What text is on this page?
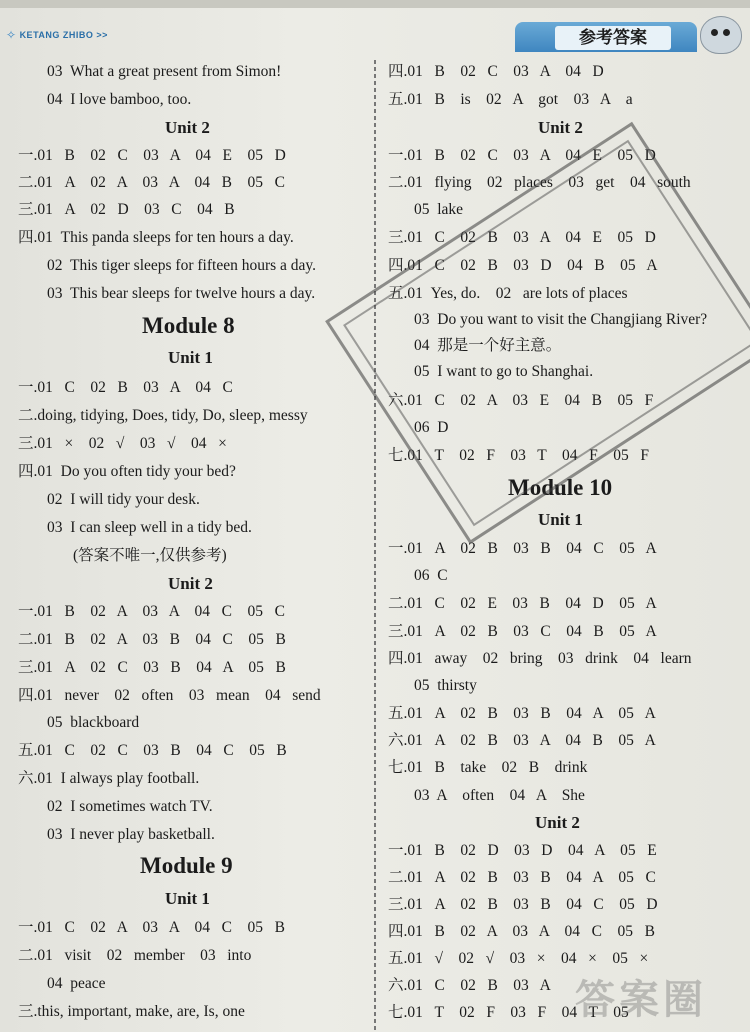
✧ KETANG ZHIBO >>	参考答案
03  What a great present from Simon!
04  I love bamboo, too.
Unit 2
一.01   B    02   C    03   A    04   E    05   D
二.01   A    02   A    03   A    04   B    05   C
三.01   A    02   D    03   C    04   B
四.01  This panda sleeps for ten hours a day.
02  This tiger sleeps for fifteen hours a day.
03  This bear sleeps for twelve hours a day.
Module 8
Unit 1
一.01   C    02   B    03   A    04   C
二.doing, tidying, Does, tidy, Do, sleep, messy
三.01   ×    02   √    03   √    04   ×
四.01  Do you often tidy your bed?
02  I will tidy your desk.
03  I can sleep well in a tidy bed.
(答案不唯一,仅供参考)
Unit 2
一.01   B    02   A    03   A    04   C    05   C
二.01   B    02   A    03   B    04   C    05   B
三.01   A    02   C    03   B    04   A    05   B
四.01   never    02   often    03   mean    04   send
05  blackboard
五.01   C    02   C    03   B    04   C    05   B
六.01  I always play football.
02  I sometimes watch TV.
03  I never play basketball.
Module 9
Unit 1
一.01   C    02   A    03   A    04   C    05   B
二.01   visit    02   member    03   into
04  peace
三.this, important, make, are, Is, one
四.01   B    02   C    03   A    04   D
五.01   B    is    02   A    got    03   A    a
Unit 2
一.01   B    02   C    03   A    04   E    05   D
二.01   flying    02   places    03   get    04   south
05  lake
三.01   C    02   B    03   A    04   E    05   D
四.01   C    02   B    03   D    04   B    05   A
五.01  Yes, do.    02   are lots of places
03  Do you want to visit the Changjiang River?
04  那是一个好主意。
05  I want to go to Shanghai.
六.01   C    02   A    03   E    04   B    05   F
06  D
七.01   T    02   F    03   T    04   F    05   F
Module 10
Unit 1
一.01   A    02   B    03   B    04   C    05   A
06  C
二.01   C    02   E    03   B    04   D    05   A
三.01   A    02   B    03   C    04   B    05   A
四.01   away    02   bring    03   drink    04   learn
05  thirsty
五.01   A    02   B    03   B    04   A    05   A
六.01   A    02   B    03   A    04   B    05   A
七.01   B    take    02   B    drink
03  A    often    04   A    She
Unit 2
一.01   B    02   D    03   D    04   A    05   E
二.01   A    02   B    03   B    04   A    05   C
三.01   A    02   B    03   B    04   C    05   D
四.01   B    02   A    03   A    04   C    05   B
五.01   √    02   √    03   ×    04   ×    05   ×
六.01   C    02   B    03   A
七.01   T    02   F    03   F    04   T    05
答案圈
